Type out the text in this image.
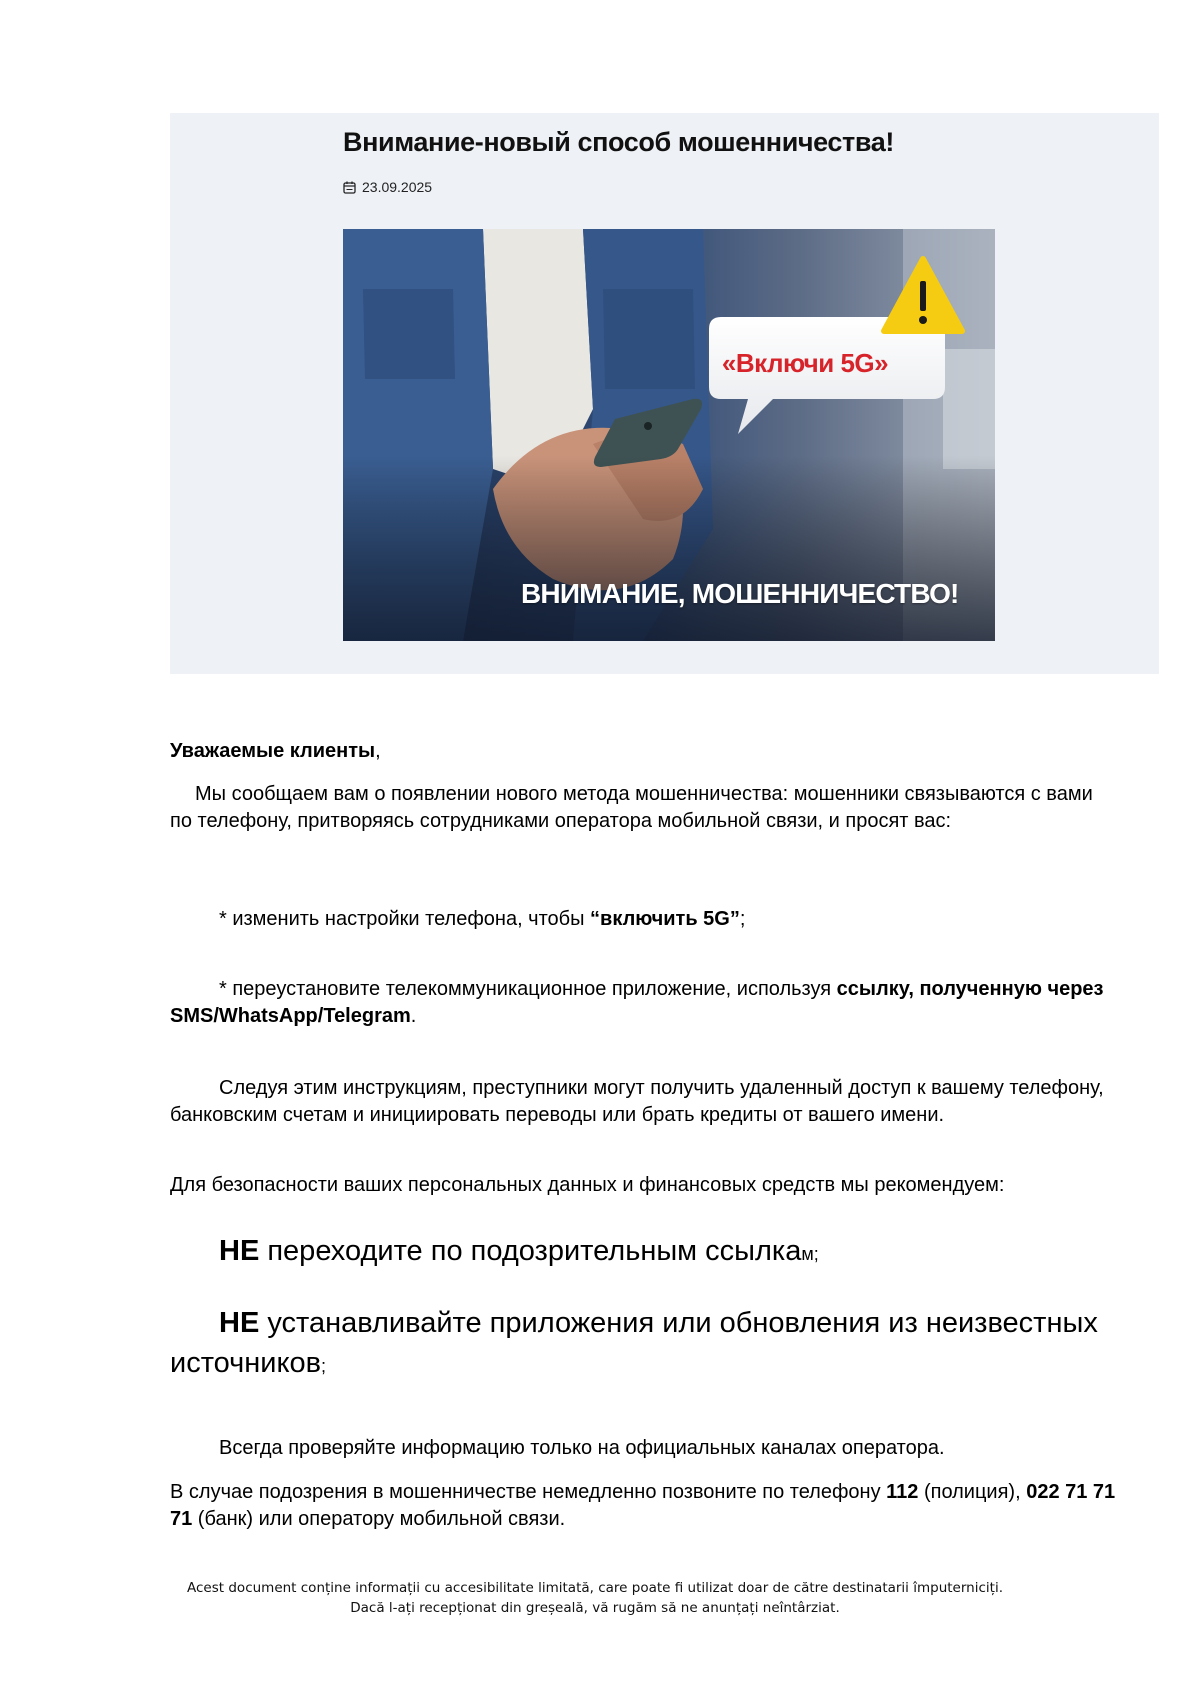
Внимание-новый способ мошенничества!
23.09.2025
«Включи 5G»
ВНИМАНИЕ, МОШЕННИЧЕСТВО!

Уважаемые клиенты,

Мы сообщаем вам о появлении нового метода мошенничества: мошенники связываются с вами по телефону, притворяясь сотрудниками оператора мобильной связи, и просят вас:

* изменить настройки телефона, чтобы “включить 5G”;

* переустановите телекоммуникационное приложение, используя ссылку, полученную через SMS/WhatsApp/Telegram.

Следуя этим инструкциям, преступники могут получить удаленный доступ к вашему телефону, банковским счетам и инициировать переводы или брать кредиты от вашего имени.

Для безопасности ваших персональных данных и финансовых средств мы рекомендуем:

НЕ переходите по подозрительным ссылкам;

НЕ устанавливайте приложения или обновления из неизвестных источников;

Всегда проверяйте информацию только на официальных каналах оператора.

В случае подозрения в мошенничестве немедленно позвоните по телефону 112 (полиция), 022 71 71 71 (банк) или оператору мобильной связи.

Acest document conține informații cu accesibilitate limitată, care poate fi utilizat doar de către destinatarii împuterniciți.
Dacă l-ați recepționat din greșeală, vă rugăm să ne anunțați neîntârziat.
